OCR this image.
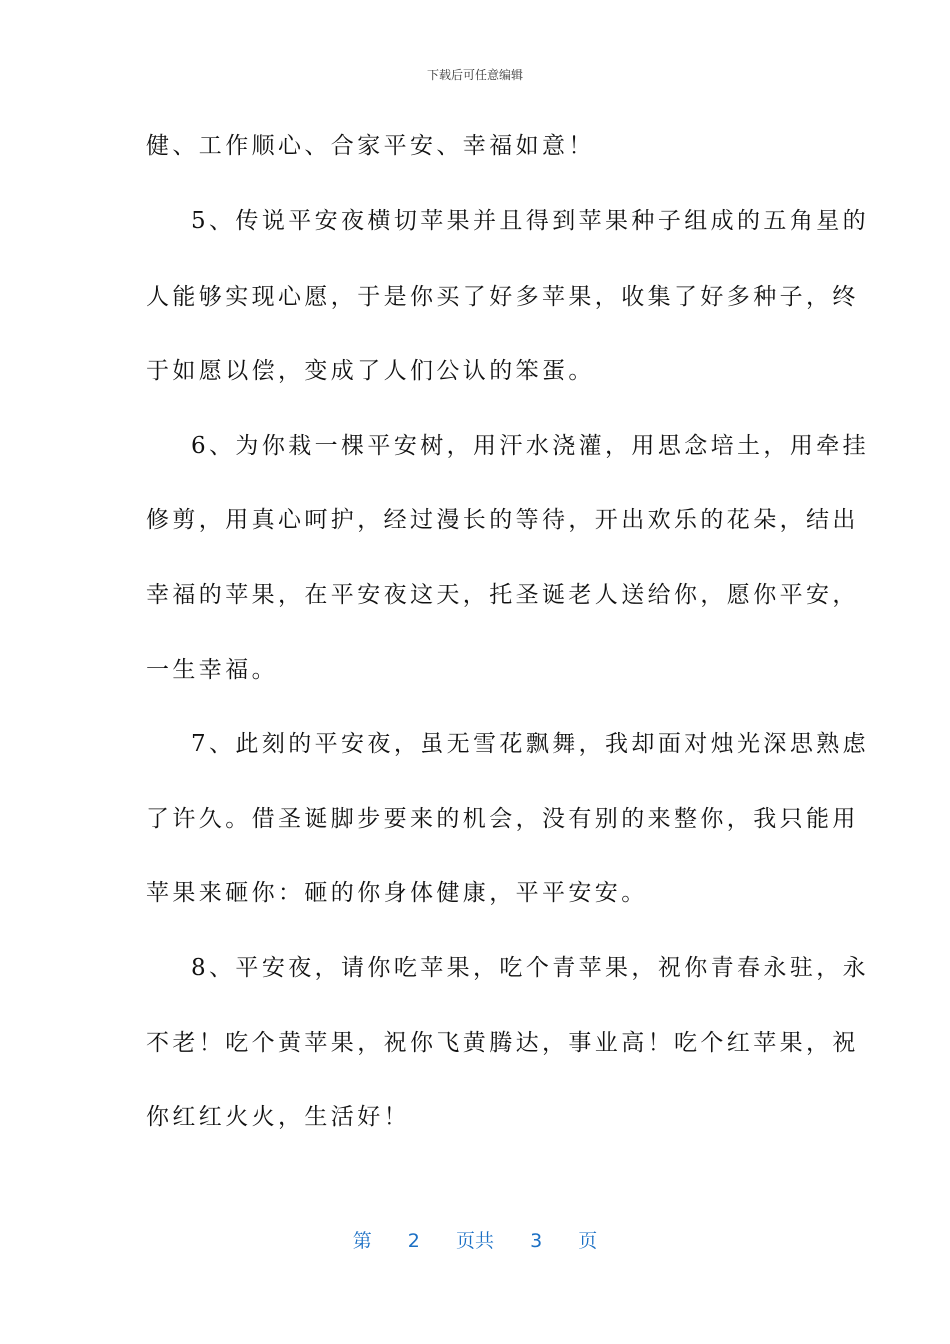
下载后可任意编辑
健、工作顺心、合家平安、幸福如意！
5、传说平安夜横切苹果并且得到苹果种子组成的五角星的
人能够实现心愿，于是你买了好多苹果，收集了好多种子，终
于如愿以偿，变成了人们公认的笨蛋。
6、为你栽一棵平安树，用汗水浇灌，用思念培土，用牵挂
修剪，用真心呵护，经过漫长的等待，开出欢乐的花朵，结出
幸福的苹果，在平安夜这天，托圣诞老人送给你，愿你平安，
一生幸福。
7、此刻的平安夜，虽无雪花飘舞，我却面对烛光深思熟虑
了许久。借圣诞脚步要来的机会，没有别的来整你，我只能用
苹果来砸你：砸的你身体健康，平平安安。
8、平安夜，请你吃苹果，吃个青苹果，祝你青春永驻，永
不老！吃个黄苹果，祝你飞黄腾达，事业高！吃个红苹果，祝
你红红火火，生活好！
第 2 页共 3 页
